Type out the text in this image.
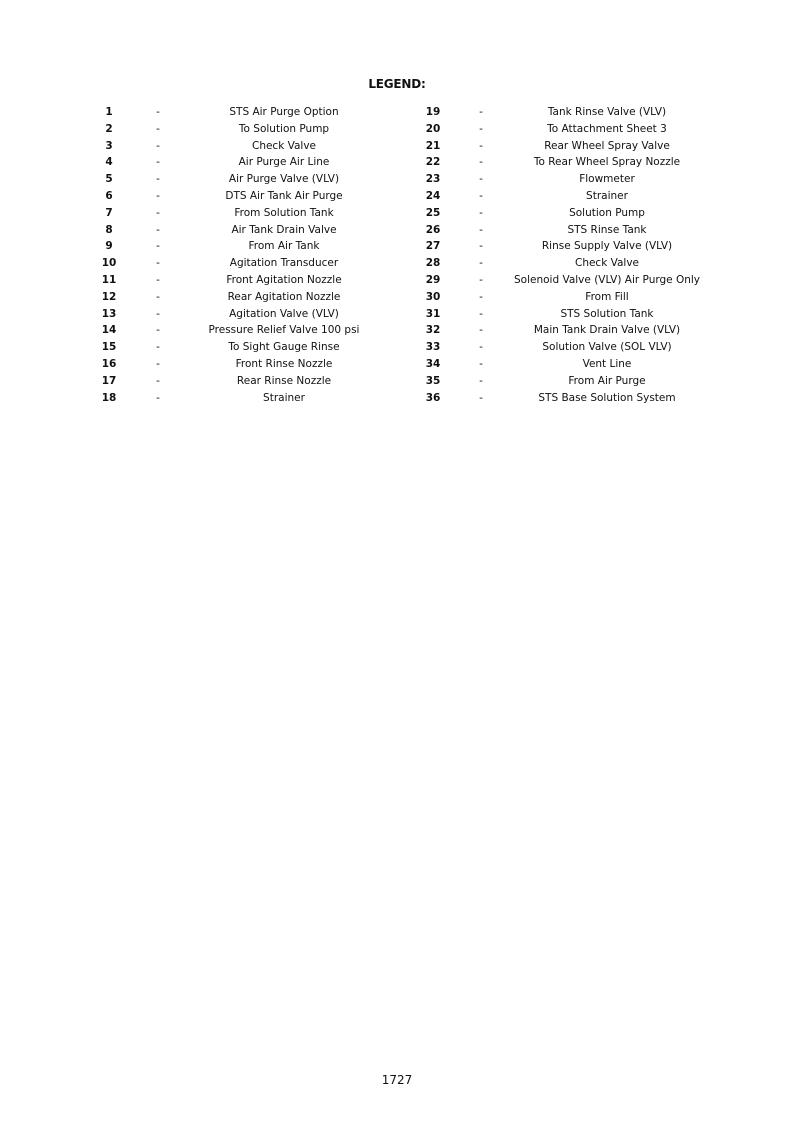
LEGEND:
1	-	STS Air Purge Option
2	-	To Solution Pump
3	-	Check Valve
4	-	Air Purge Air Line
5	-	Air Purge Valve (VLV)
6	-	DTS Air Tank Air Purge
7	-	From Solution Tank
8	-	Air Tank Drain Valve
9	-	From Air Tank
10	-	Agitation Transducer
11	-	Front Agitation Nozzle
12	-	Rear Agitation Nozzle
13	-	Agitation Valve (VLV)
14	-	Pressure Relief Valve 100 psi
15	-	To Sight Gauge Rinse
16	-	Front Rinse Nozzle
17	-	Rear Rinse Nozzle
18	-	Strainer
19	-	Tank Rinse Valve (VLV)
20	-	To Attachment Sheet 3
21	-	Rear Wheel Spray Valve
22	-	To Rear Wheel Spray Nozzle
23	-	Flowmeter
24	-	Strainer
25	-	Solution Pump
26	-	STS Rinse Tank
27	-	Rinse Supply Valve (VLV)
28	-	Check Valve
29	-	Solenoid Valve (VLV) Air Purge Only
30	-	From Fill
31	-	STS Solution Tank
32	-	Main Tank Drain Valve (VLV)
33	-	Solution Valve (SOL VLV)
34	-	Vent Line
35	-	From Air Purge
36	-	STS Base Solution System
1727
